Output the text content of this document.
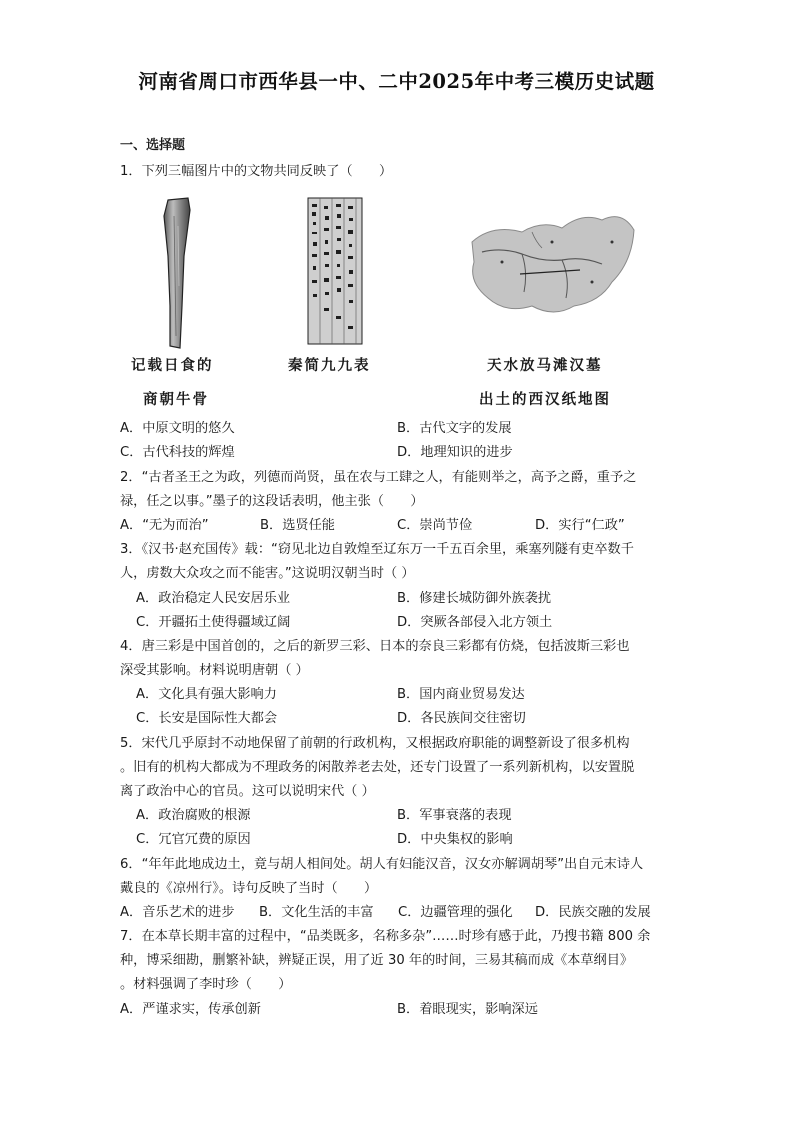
河南省周口市西华县一中、二中2025年中考三模历史试题
一、选择题
1．下列三幅图片中的文物共同反映了（　　）
记载日食的
商朝牛骨
秦简九九表	天水放马滩汉墓
出土的西汉纸地图
A．中原文明的悠久	B．古代文字的发展
C．古代科技的辉煌	D．地理知识的进步
2．“古者圣王之为政，列德而尚贤，虽在农与工肆之人，有能则举之，高予之爵，重予之
禄，任之以事。”墨子的这段话表明，他主张（　　）
A．“无为而治”	B．选贤任能	C．崇尚节俭	D．实行“仁政”
3．《汉书·赵充国传》载：“窃见北边自敦煌至辽东万一千五百余里，乘塞列隧有吏卒数千
人，虏数大众攻之而不能害。”这说明汉朝当时（ ）
A．政治稳定人民安居乐业	B．修建长城防御外族袭扰
C．开疆拓土使得疆域辽阔	D．突厥各部侵入北方领土
4．唐三彩是中国首创的，之后的新罗三彩、日本的奈良三彩都有仿烧，包括波斯三彩也
深受其影响。材料说明唐朝（ ）
A．文化具有强大影响力	B．国内商业贸易发达
C．长安是国际性大都会	D．各民族间交往密切
5．宋代几乎原封不动地保留了前朝的行政机构，又根据政府职能的调整新设了很多机构
。旧有的机构大都成为不理政务的闲散养老去处，还专门设置了一系列新机构，以安置脱
离了政治中心的官员。这可以说明宋代（ ）
A．政治腐败的根源	B．军事衰落的表现
C．冗官冗费的原因	D．中央集权的影响
6．“年年此地成边土，竟与胡人相间处。胡人有妇能汉音，汉女亦解调胡琴”出自元末诗人
戴良的《凉州行》。诗句反映了当时（　　）
A．音乐艺术的进步 B．文化生活的丰富 C．边疆管理的强化 D．民族交融的发展
7．在本草长期丰富的过程中，“品类既多，名称多杂”……时珍有感于此，乃搜书籍 800 余
种，博采细勘，删繁补缺，辨疑正误，用了近 30 年的时间，三易其稿而成《本草纲目》
。材料强调了李时珍（　　）
A．严谨求实，传承创新	B．着眼现实，影响深远
